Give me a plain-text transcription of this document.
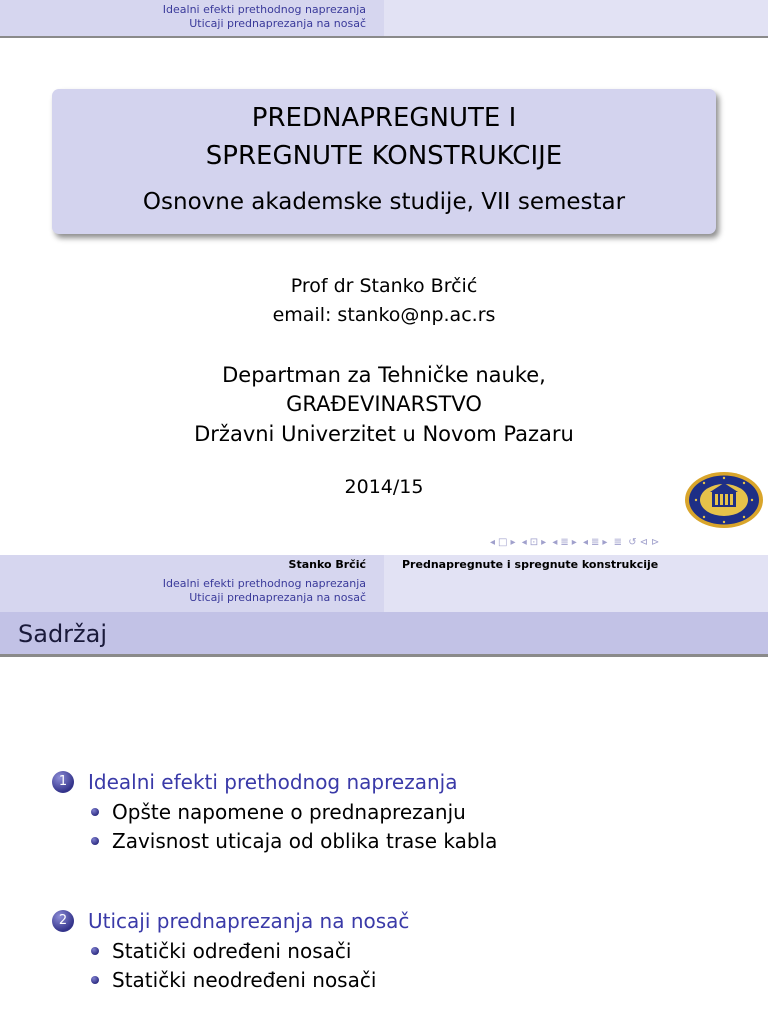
Idealni efekti prethodnog naprezanja
Uticaji prednaprezanja na nosač
PREDNAPREGNUTE I
SPREGNUTE KONSTRUKCIJE
Osnovne akademske studije, VII semestar
Prof dr Stanko Brčić
email: stanko@np.ac.rs
Departman za Tehničke nauke,
GRAĐEVINARSTVO
Državni Univerzitet u Novom Pazaru
2014/15
◂ □ ▸ ◂ ⊡ ▸ ◂ ≣ ▸ ◂ ≣ ▸ ≣ ↺ ⊲ ⊳
Stanko Brčić	Prednapregnute i spregnute konstrukcije
Idealni efekti prethodnog naprezanja
Uticaji prednaprezanja na nosač
Sadržaj
1	Idealni efekti prethodnog naprezanja
Opšte napomene o prednaprezanju
Zavisnost uticaja od oblika trase kabla
2	Uticaji prednaprezanja na nosač
Statički određeni nosači
Statički neodređeni nosači
